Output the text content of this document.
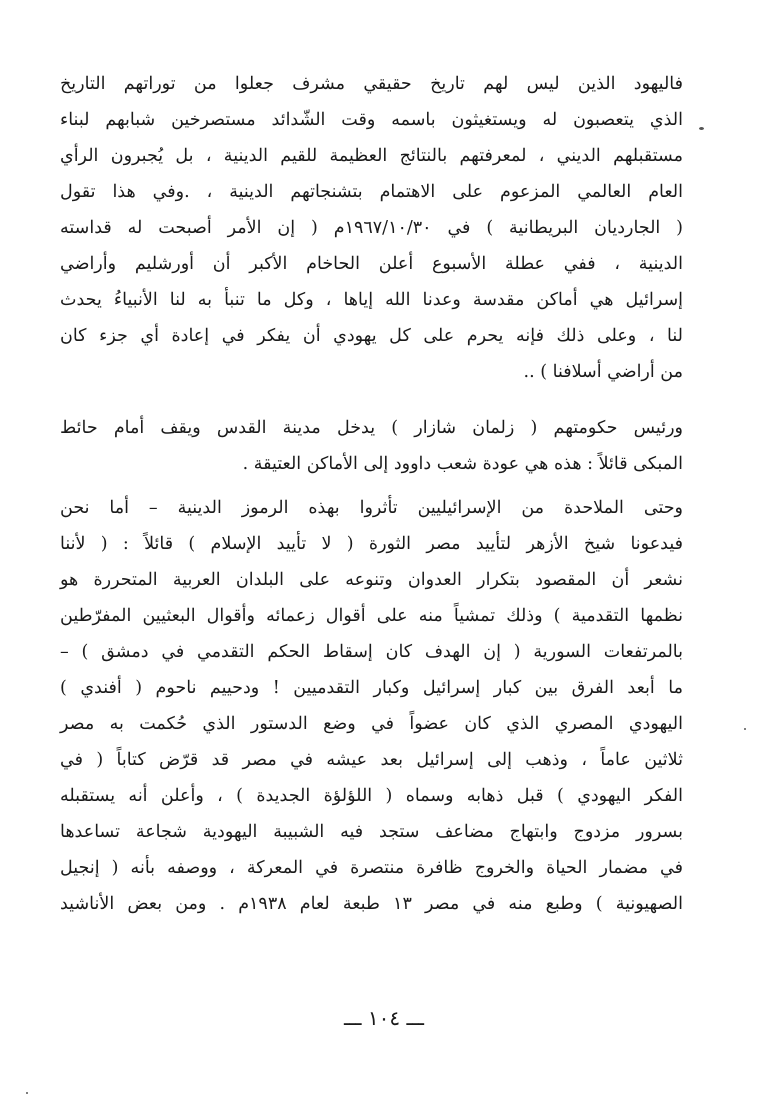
فاليهود الذين ليس لهم تاريخ حقيقي مشرف جعلوا من توراتهم التاريخ
الذي يتعصبون له ويستغيثون باسمه وقت الشّدائد مستصرخين شبابهم لبناء
مستقبلهم الديني ، لمعرفتهم بالنتائج العظيمة للقيم الدينية ، بل يُجبرون الرأي
العام العالمي المزعوم على الاهتمام بتشنجاتهم الدينية ، .وفي هذا تقول
( الجارديان البريطانية ) في ١٩٦٧/١٠/٣٠م ( إن الأمر أصبحت له قداسته
الدينية ، ففي عطلة الأسبوع أعلن الحاخام الأكبر أن أورشليم وأراضي
إسرائيل هي أماكن مقدسة وعدنا الله إياها ، وكل ما تنبأ به لنا الأنبياءُ يحدث
لنا ، وعلى ذلك فإنه يحرم على كل يهودي أن يفكر في إعادة أي جزء كان
من أراضي أسلافنا ) ..
ورئيس حكومتهم ( زلمان شازار ) يدخل مدينة القدس ويقف أمام حائط
المبكى قائلاً : هذه هي عودة شعب داوود إلى الأماكن العتيقة .
وحتى الملاحدة من الإسرائيليين تأثروا بهذه الرموز الدينية – أما نحن
فيدعونا شيخ الأزهر لتأييد مصر الثورة ( لا تأييد الإسلام ) قائلاً : ( لأننا
نشعر أن المقصود بتكرار العدوان وتنوعه على البلدان العربية المتحررة هو
نظمها التقدمية ) وذلك تمشياً منه على أقوال زعمائه وأقوال البعثيين المفرّطين
بالمرتفعات السورية ( إن الهدف كان إسقاط الحكم التقدمي في دمشق ) –
ما أبعد الفرق بين كبار إسرائيل وكبار التقدميين ! ودحييم ناحوم ( أفندي )
اليهودي المصري الذي كان عضواً في وضع الدستور الذي حُكمت به مصر
ثلاثين عاماً ، وذهب إلى إسرائيل بعد عيشه في مصر قد قرّض كتاباً ( في
الفكر اليهودي ) قبل ذهابه وسماه ( اللؤلؤة الجديدة ) ، وأعلن أنه يستقبله
بسرور مزدوج وابتهاج مضاعف ستجد فيه الشبيبة اليهودية شجاعة تساعدها
في مضمار الحياة والخروج ظافرة منتصرة في المعركة ، ووصفه بأنه ( إنجيل
الصهيونية ) وطبع منه في مصر ١٣ طبعة لعام ١٩٣٨م . ومن بعض الأناشيد
ـــ ١٠٤ ـــ
